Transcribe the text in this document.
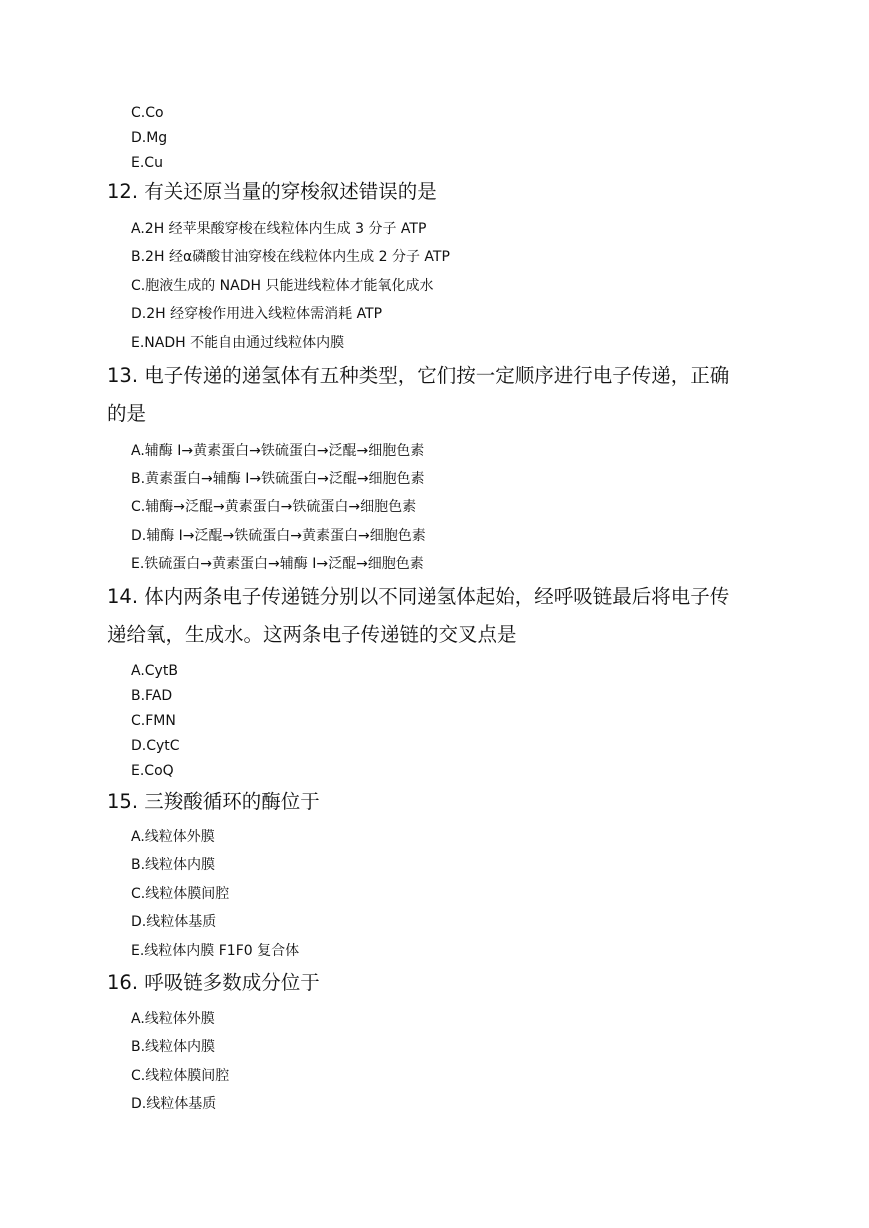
C.Co
D.Mg
E.Cu
12. 有关还原当量的穿梭叙述错误的是
A.2H 经苹果酸穿梭在线粒体内生成 3 分子 ATP
B.2H 经α磷酸甘油穿梭在线粒体内生成 2 分子 ATP
C.胞液生成的 NADH 只能进线粒体才能氧化成水
D.2H 经穿梭作用进入线粒体需消耗 ATP
E.NADH 不能自由通过线粒体内膜
13. 电子传递的递氢体有五种类型，它们按一定顺序进行电子传递，正确
的是
A.辅酶 I→黄素蛋白→铁硫蛋白→泛醌→细胞色素
B.黄素蛋白→辅酶 I→铁硫蛋白→泛醌→细胞色素
C.辅酶→泛醌→黄素蛋白→铁硫蛋白→细胞色素
D.辅酶 I→泛醌→铁硫蛋白→黄素蛋白→细胞色素
E.铁硫蛋白→黄素蛋白→辅酶 I→泛醌→细胞色素
14. 体内两条电子传递链分别以不同递氢体起始，经呼吸链最后将电子传
递给氧，生成水。这两条电子传递链的交叉点是
A.CytB
B.FAD
C.FMN
D.CytC
E.CoQ
15. 三羧酸循环的酶位于
A.线粒体外膜
B.线粒体内膜
C.线粒体膜间腔
D.线粒体基质
E.线粒体内膜 F1F0 复合体
16. 呼吸链多数成分位于
A.线粒体外膜
B.线粒体内膜
C.线粒体膜间腔
D.线粒体基质
